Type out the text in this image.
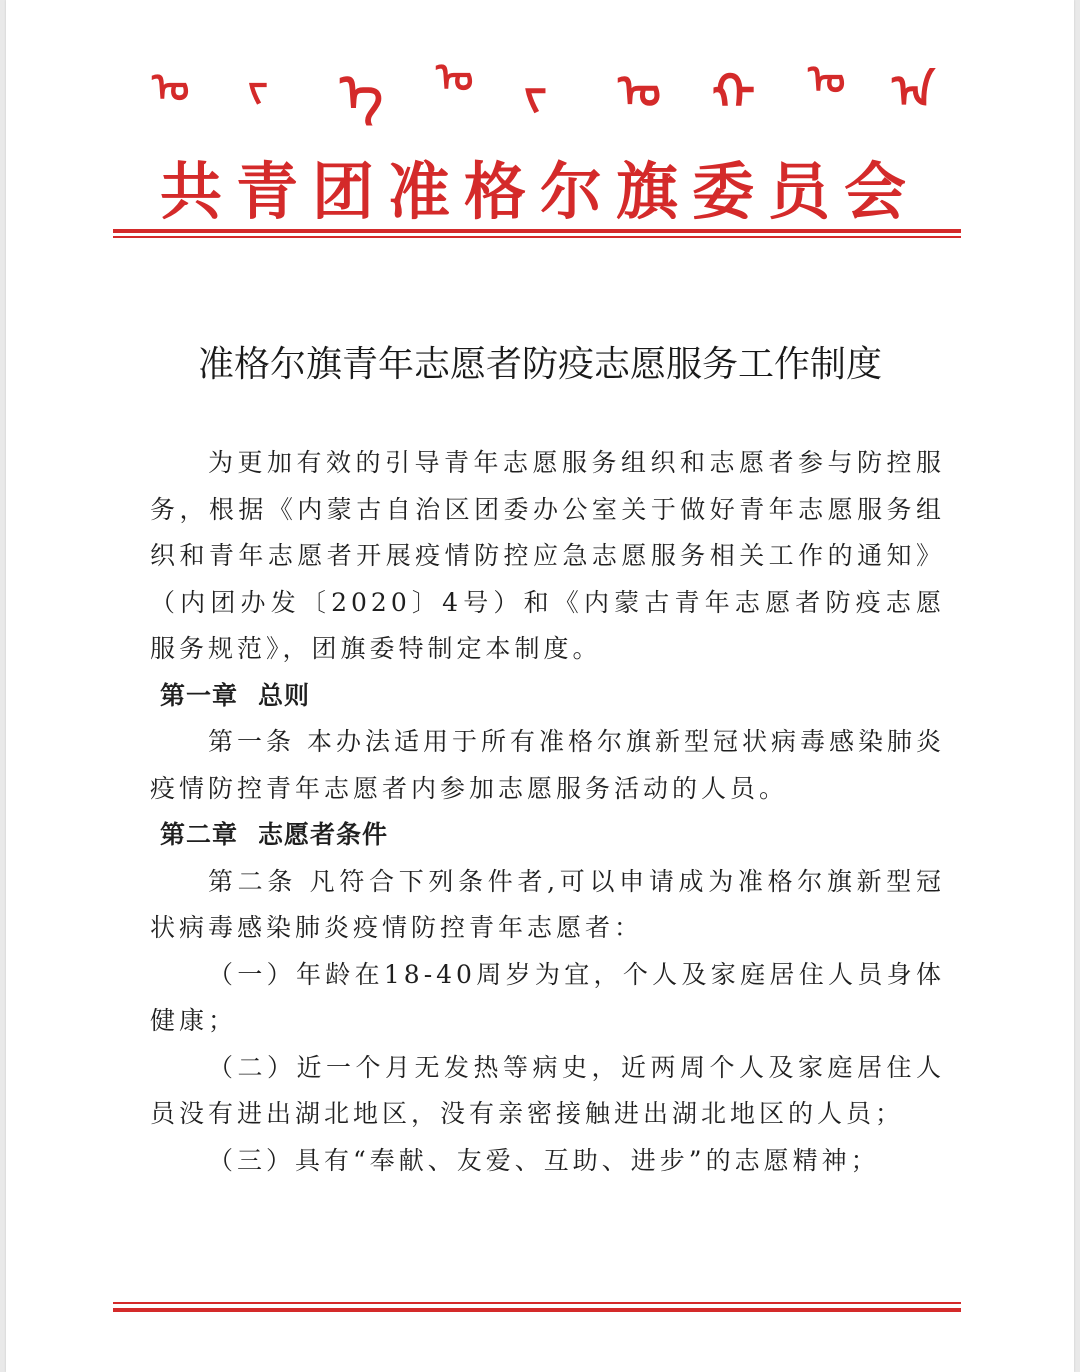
ᠤ ᠵ ᠡ ᠤ ᠵ ᠤ ᠬ ᠤ ᠠ
共青团准格尔旗委员会
准格尔旗青年志愿者防疫志愿服务工作制度

为更加有效的引导青年志愿服务组织和志愿者参与防控服务，根据《内蒙古自治区团委办公室关于做好青年志愿服务组织和青年志愿者开展疫情防控应急志愿服务相关工作的通知》（内团办发〔2020〕4号）和《内蒙古青年志愿者防疫志愿服务规范》，团旗委特制定本制度。

第一章 总则

第一条 本办法适用于所有准格尔旗新型冠状病毒感染肺炎疫情防控青年志愿者内参加志愿服务活动的人员。

第二章 志愿者条件

第二条 凡符合下列条件者,可以申请成为准格尔旗新型冠状病毒感染肺炎疫情防控青年志愿者：

（一）年龄在18-40周岁为宜，个人及家庭居住人员身体健康；

（二）近一个月无发热等病史，近两周个人及家庭居住人员没有进出湖北地区，没有亲密接触进出湖北地区的人员；

（三）具有“奉献、友爱、互助、进步”的志愿精神；
